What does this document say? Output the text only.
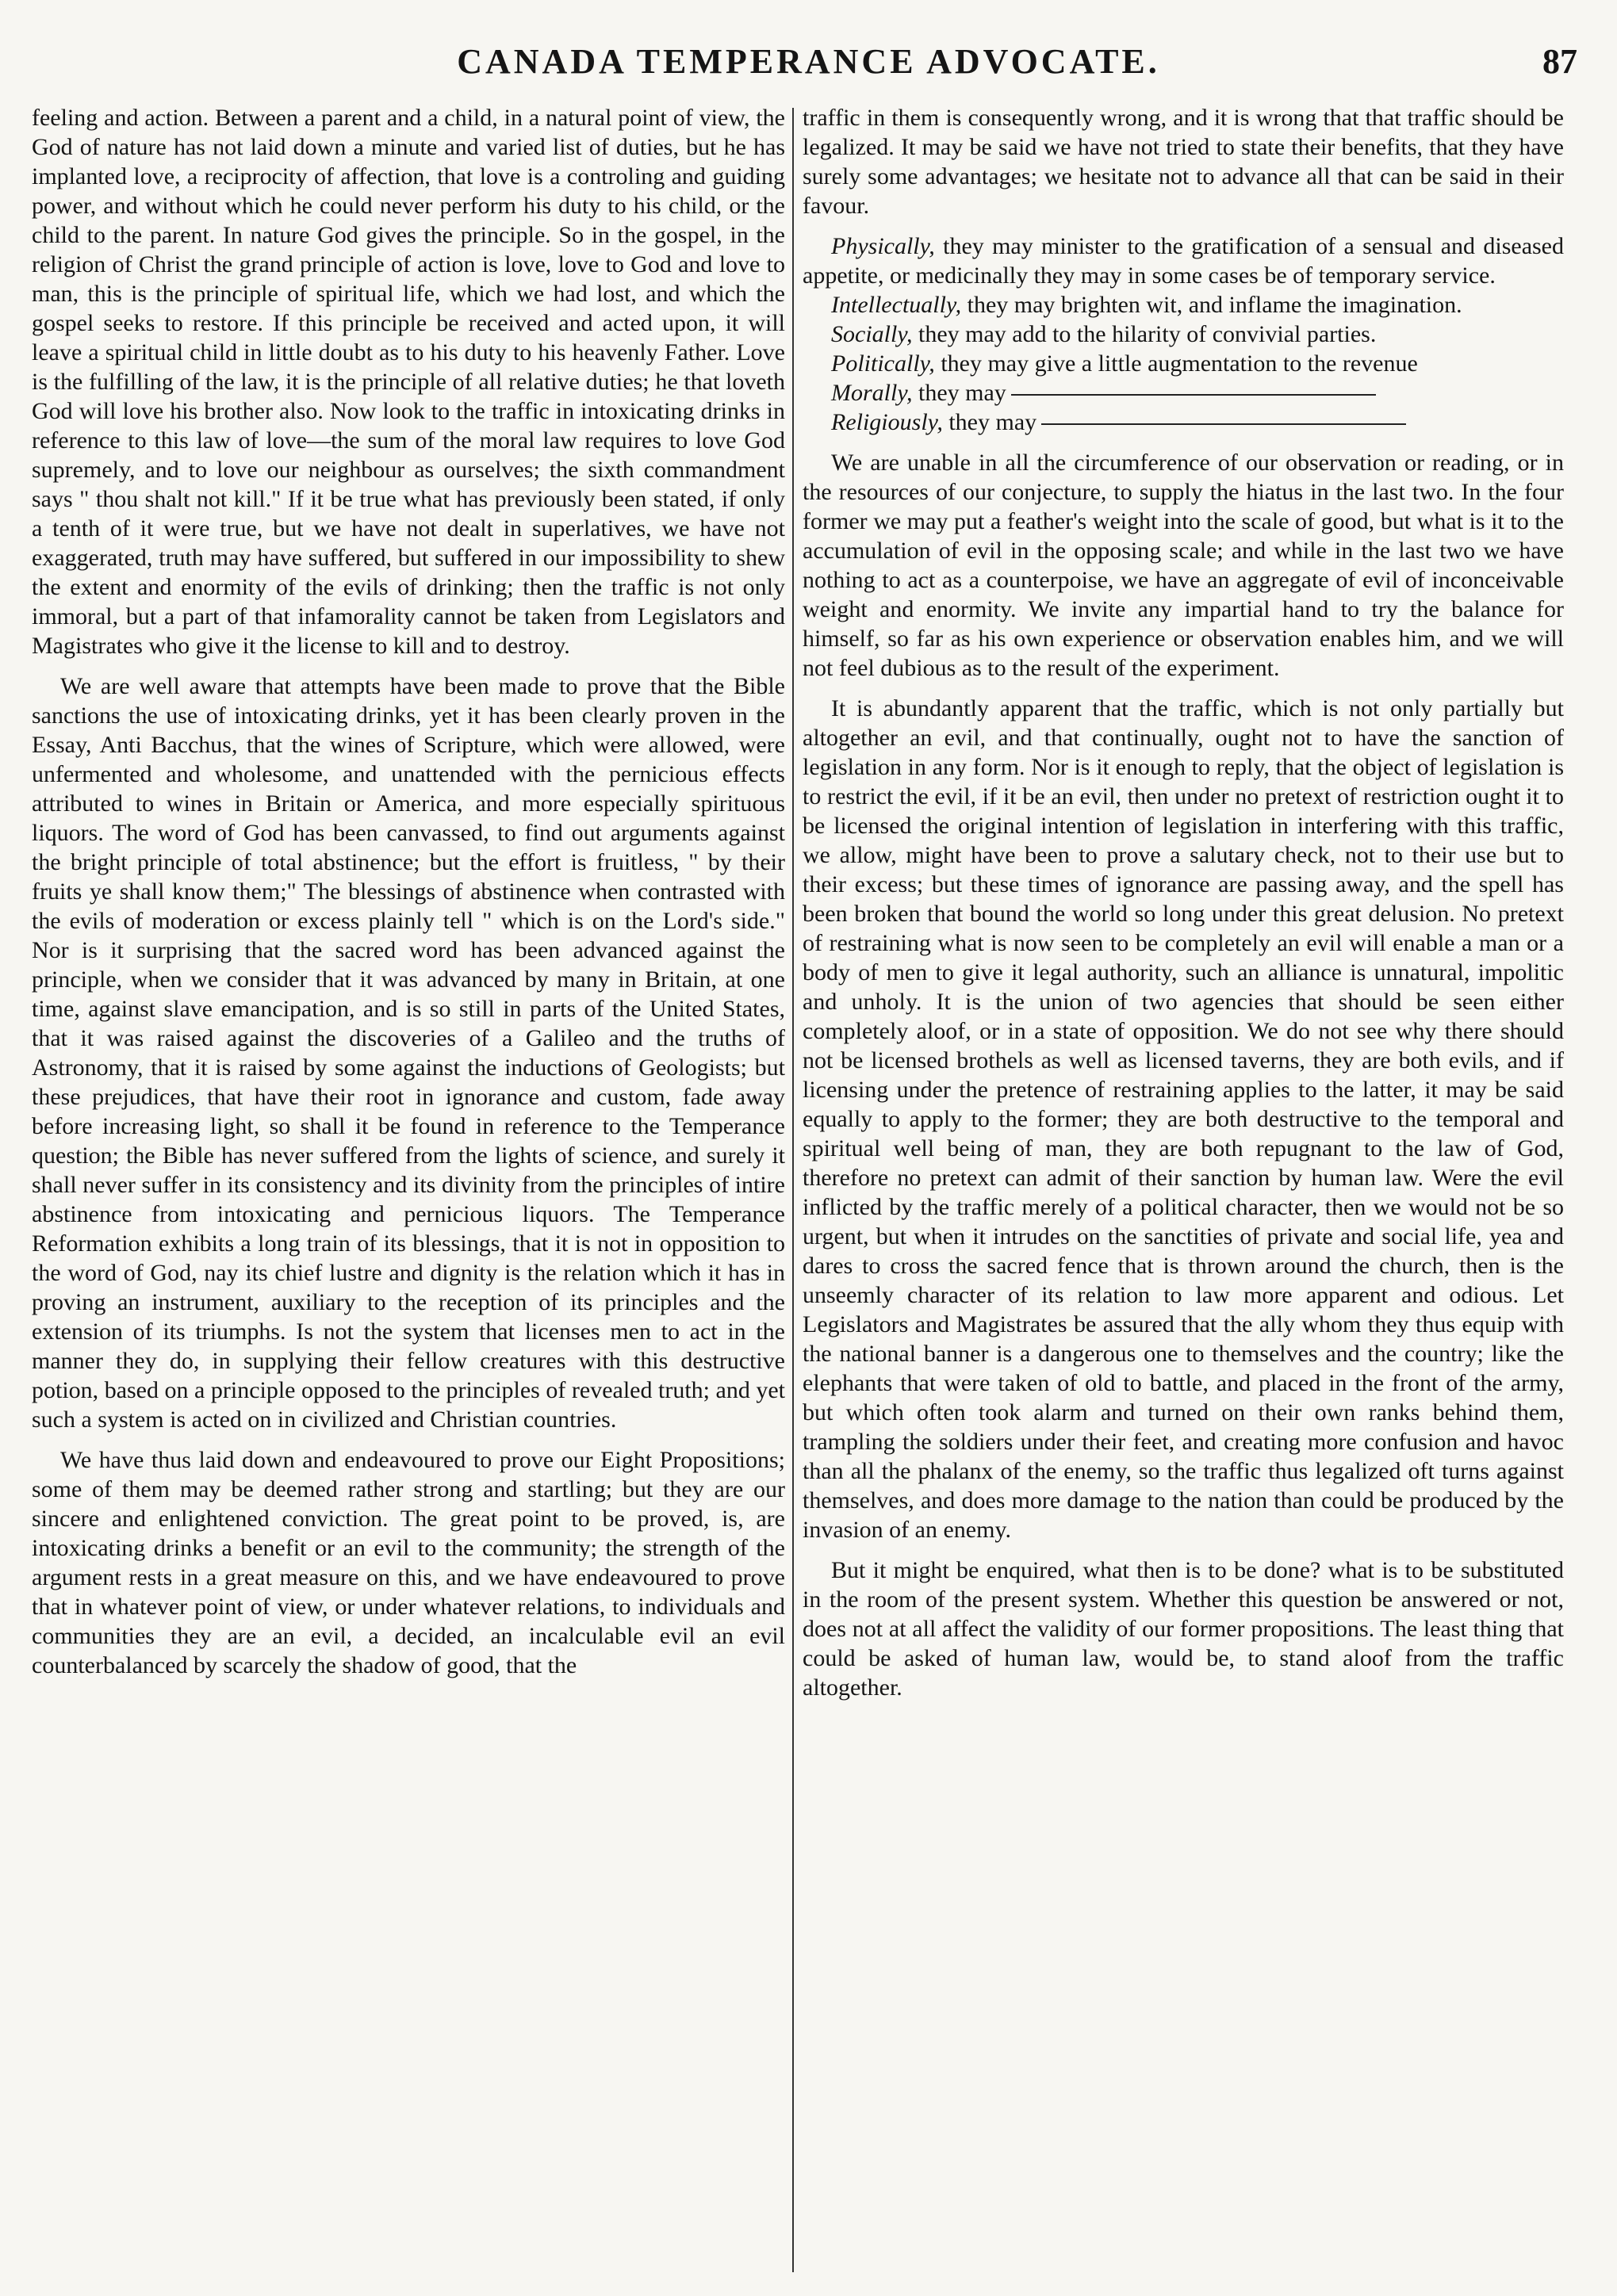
CANADA TEMPERANCE ADVOCATE.	87

feeling and action. Between a parent and a child, in a natural point of view, the God of nature has not laid down a minute and varied list of duties, but he has implanted love, a reciprocity of affection, that love is a controling and guiding power, and without which he could never perform his duty to his child, or the child to the parent. In nature God gives the principle. So in the gospel, in the religion of Christ the grand principle of action is love, love to God and love to man, this is the principle of spiritual life, which we had lost, and which the gospel seeks to restore. If this principle be received and acted upon, it will leave a spiritual child in little doubt as to his duty to his heavenly Father. Love is the fulfilling of the law, it is the principle of all relative duties; he that loveth God will love his brother also. Now look to the traffic in intoxicating drinks in reference to this law of love—the sum of the moral law requires to love God supremely, and to love our neighbour as ourselves; the sixth commandment says " thou shalt not kill." If it be true what has previously been stated, if only a tenth of it were true, but we have not dealt in superlatives, we have not exaggerated, truth may have suffered, but suffered in our impossibility to shew the extent and enormity of the evils of drinking; then the traffic is not only immoral, but a part of that infamorality cannot be taken from Legislators and Magistrates who give it the license to kill and to destroy.

We are well aware that attempts have been made to prove that the Bible sanctions the use of intoxicating drinks, yet it has been clearly proven in the Essay, Anti Bacchus, that the wines of Scripture, which were allowed, were unfermented and wholesome, and unattended with the pernicious effects attributed to wines in Britain or America, and more especially spirituous liquors. The word of God has been canvassed, to find out arguments against the bright principle of total abstinence; but the effort is fruitless, " by their fruits ye shall know them;" The blessings of abstinence when contrasted with the evils of moderation or excess plainly tell " which is on the Lord's side." Nor is it surprising that the sacred word has been advanced against the principle, when we consider that it was advanced by many in Britain, at one time, against slave emancipation, and is so still in parts of the United States, that it was raised against the discoveries of a Galileo and the truths of Astronomy, that it is raised by some against the inductions of Geologists; but these prejudices, that have their root in ignorance and custom, fade away before increasing light, so shall it be found in reference to the Temperance question; the Bible has never suffered from the lights of science, and surely it shall never suffer in its consistency and its divinity from the principles of intire abstinence from intoxicating and pernicious liquors. The Temperance Reformation exhibits a long train of its blessings, that it is not in opposition to the word of God, nay its chief lustre and dignity is the relation which it has in proving an instrument, auxiliary to the reception of its principles and the extension of its triumphs. Is not the system that licenses men to act in the manner they do, in supplying their fellow creatures with this destructive potion, based on a principle opposed to the principles of revealed truth; and yet such a system is acted on in civilized and Christian countries.

We have thus laid down and endeavoured to prove our Eight Propositions; some of them may be deemed rather strong and startling; but they are our sincere and enlightened conviction. The great point to be proved, is, are intoxicating drinks a benefit or an evil to the community; the strength of the argument rests in a great measure on this, and we have endeavoured to prove that in whatever point of view, or under whatever relations, to individuals and communities they are an evil, a decided, an incalculable evil an evil counterbalanced by scarcely the shadow of good, that the

traffic in them is consequently wrong, and it is wrong that that traffic should be legalized. It may be said we have not tried to state their benefits, that they have surely some advantages; we hesitate not to advance all that can be said in their favour.

Physically, they may minister to the gratification of a sensual and diseased appetite, or medicinally they may in some cases be of temporary service.
Intellectually, they may brighten wit, and inflame the imagination.
Socially, they may add to the hilarity of convivial parties.
Politically, they may give a little augmentation to the revenue
Morally, they may
Religiously, they may

We are unable in all the circumference of our observation or reading, or in the resources of our conjecture, to supply the hiatus in the last two. In the four former we may put a feather's weight into the scale of good, but what is it to the accumulation of evil in the opposing scale; and while in the last two we have nothing to act as a counterpoise, we have an aggregate of evil of inconceivable weight and enormity. We invite any impartial hand to try the balance for himself, so far as his own experience or observation enables him, and we will not feel dubious as to the result of the experiment.

It is abundantly apparent that the traffic, which is not only partially but altogether an evil, and that continually, ought not to have the sanction of legislation in any form. Nor is it enough to reply, that the object of legislation is to restrict the evil, if it be an evil, then under no pretext of restriction ought it to be licensed the original intention of legislation in interfering with this traffic, we allow, might have been to prove a salutary check, not to their use but to their excess; but these times of ignorance are passing away, and the spell has been broken that bound the world so long under this great delusion. No pretext of restraining what is now seen to be completely an evil will enable a man or a body of men to give it legal authority, such an alliance is unnatural, impolitic and unholy. It is the union of two agencies that should be seen either completely aloof, or in a state of opposition. We do not see why there should not be licensed brothels as well as licensed taverns, they are both evils, and if licensing under the pretence of restraining applies to the latter, it may be said equally to apply to the former; they are both destructive to the temporal and spiritual well being of man, they are both repugnant to the law of God, therefore no pretext can admit of their sanction by human law. Were the evil inflicted by the traffic merely of a political character, then we would not be so urgent, but when it intrudes on the sanctities of private and social life, yea and dares to cross the sacred fence that is thrown around the church, then is the unseemly character of its relation to law more apparent and odious. Let Legislators and Magistrates be assured that the ally whom they thus equip with the national banner is a dangerous one to themselves and the country; like the elephants that were taken of old to battle, and placed in the front of the army, but which often took alarm and turned on their own ranks behind them, trampling the soldiers under their feet, and creating more confusion and havoc than all the phalanx of the enemy, so the traffic thus legalized oft turns against themselves, and does more damage to the nation than could be produced by the invasion of an enemy.

But it might be enquired, what then is to be done? what is to be substituted in the room of the present system. Whether this question be answered or not, does not at all affect the validity of our former propositions. The least thing that could be asked of human law, would be, to stand aloof from the traffic altogether.
